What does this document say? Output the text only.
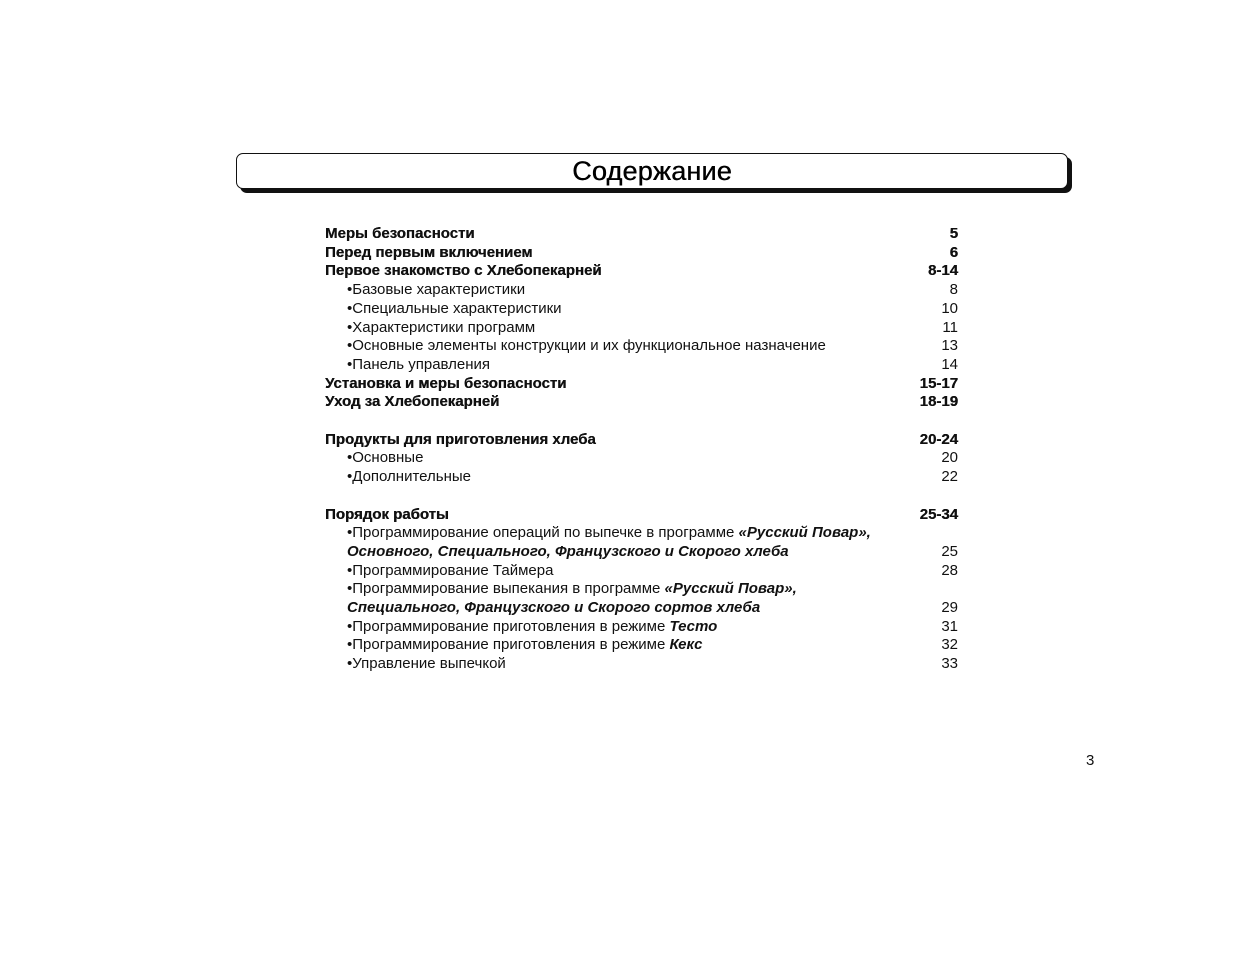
Содержание
Меры безопасности	5
Перед первым включением	6
Первое знакомство с Хлебопекарней	8-14
•Базовые характеристики	8
•Специальные характеристики	10
•Характеристики программ	11
•Основные элементы конструкции и их функциональное назначение	13
•Панель управления	14
Установка и меры безопасности	15-17
Уход за Хлебопекарней	18-19
Продукты для приготовления хлеба	20-24
•Основные	20
•Дополнительные	22
Порядок работы	25-34
•Программирование операций по выпечке в программе «Русский Повар», Основного, Специального, Французского и Скорого хлеба	25
•Программирование Таймера	28
•Программирование выпекания в программе «Русский Повар», Специального, Французского и Скорого сортов хлеба	29
•Программирование приготовления в режиме Тесто	31
•Программирование приготовления в режиме Кекс	32
•Управление выпечкой	33
3
